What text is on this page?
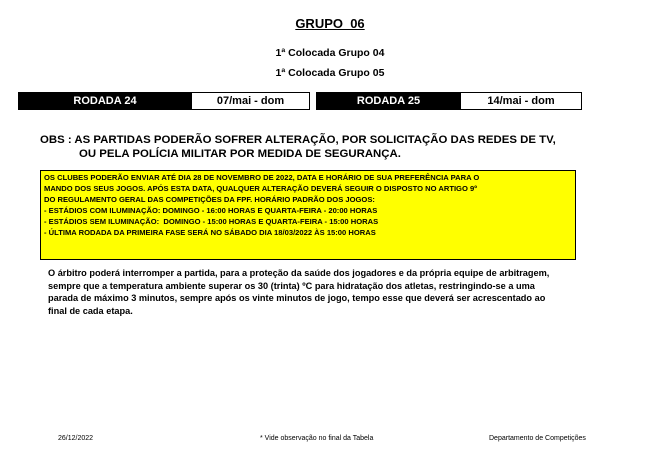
GRUPO  06
1ª Colocada Grupo 04
1ª Colocada Grupo 05
RODADA 24	07/mai - dom	RODADA 25	14/mai - dom
OBS : AS PARTIDAS PODERÃO SOFRER ALTERAÇÃO, POR SOLICITAÇÃO DAS REDES DE TV,
OU PELA POLÍCIA MILITAR POR MEDIDA DE SEGURANÇA.
OS CLUBES PODERÃO ENVIAR ATÉ DIA 28 DE NOVEMBRO DE 2022, DATA E HORÁRIO DE SUA PREFERÊNCIA PARA O
MANDO DOS SEUS JOGOS. APÓS ESTA DATA, QUALQUER ALTERAÇÃO DEVERÁ SEGUIR O DISPOSTO NO ARTIGO 9º
DO REGULAMENTO GERAL DAS COMPETIÇÕES DA FPF. HORÁRIO PADRÃO DOS JOGOS:
- ESTÁDIOS COM ILUMINAÇÃO: DOMINGO - 16:00 HORAS E QUARTA-FEIRA - 20:00 HORAS
- ESTÁDIOS SEM ILUMINAÇÃO:  DOMINGO - 15:00 HORAS E QUARTA-FEIRA - 15:00 HORAS
- ÚLTIMA RODADA DA PRIMEIRA FASE SERÁ NO SÁBADO DIA 18/03/2022 ÀS 15:00 HORAS
O árbitro poderá interromper a partida, para a proteção da saúde dos jogadores e da própria equipe de arbitragem,
sempre que a temperatura ambiente superar os 30 (trinta) ºC para hidratação dos atletas, restringindo-se a uma
parada de máximo 3 minutos, sempre após os vinte minutos de jogo, tempo esse que deverá ser acrescentado ao
final de cada etapa.
26/12/2022	* Vide observação no final da Tabela	Departamento de Competições
